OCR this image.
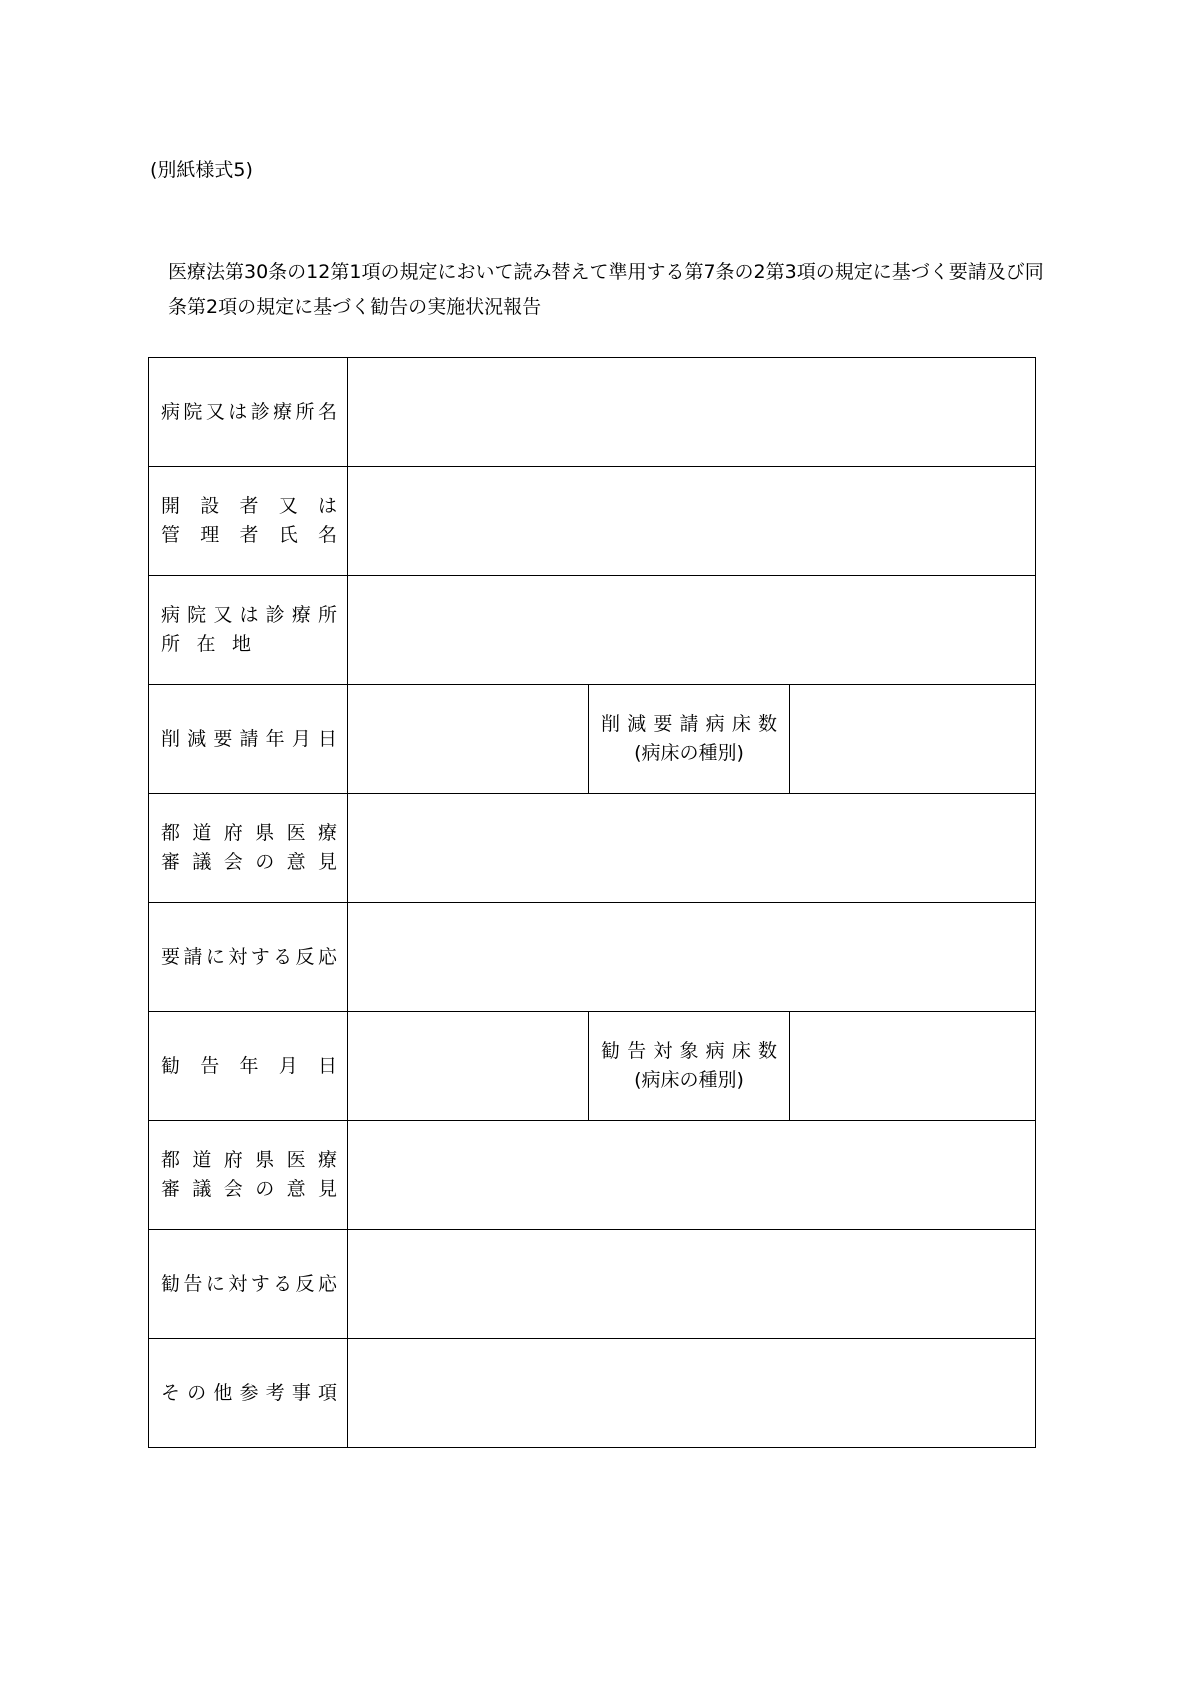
(別紙様式5)
医療法第30条の12第1項の規定において読み替えて準用する第7条の2第3項の規定に基づく要請及び同条第2項の規定に基づく勧告の実施状況報告
病院又は診療所名			

開 設 者 又 は
管 理 者 氏 名			

病院又は診療所
所 在 地			

削減要請年月日		削減要請病床数
(病床の種別)	

都道府県医療
審議会の意見			

要請に対する反応			

勧 告 年 月 日		勧告対象病床数
(病床の種別)	

都道府県医療
審議会の意見			

勧告に対する反応			

その他参考事項			
